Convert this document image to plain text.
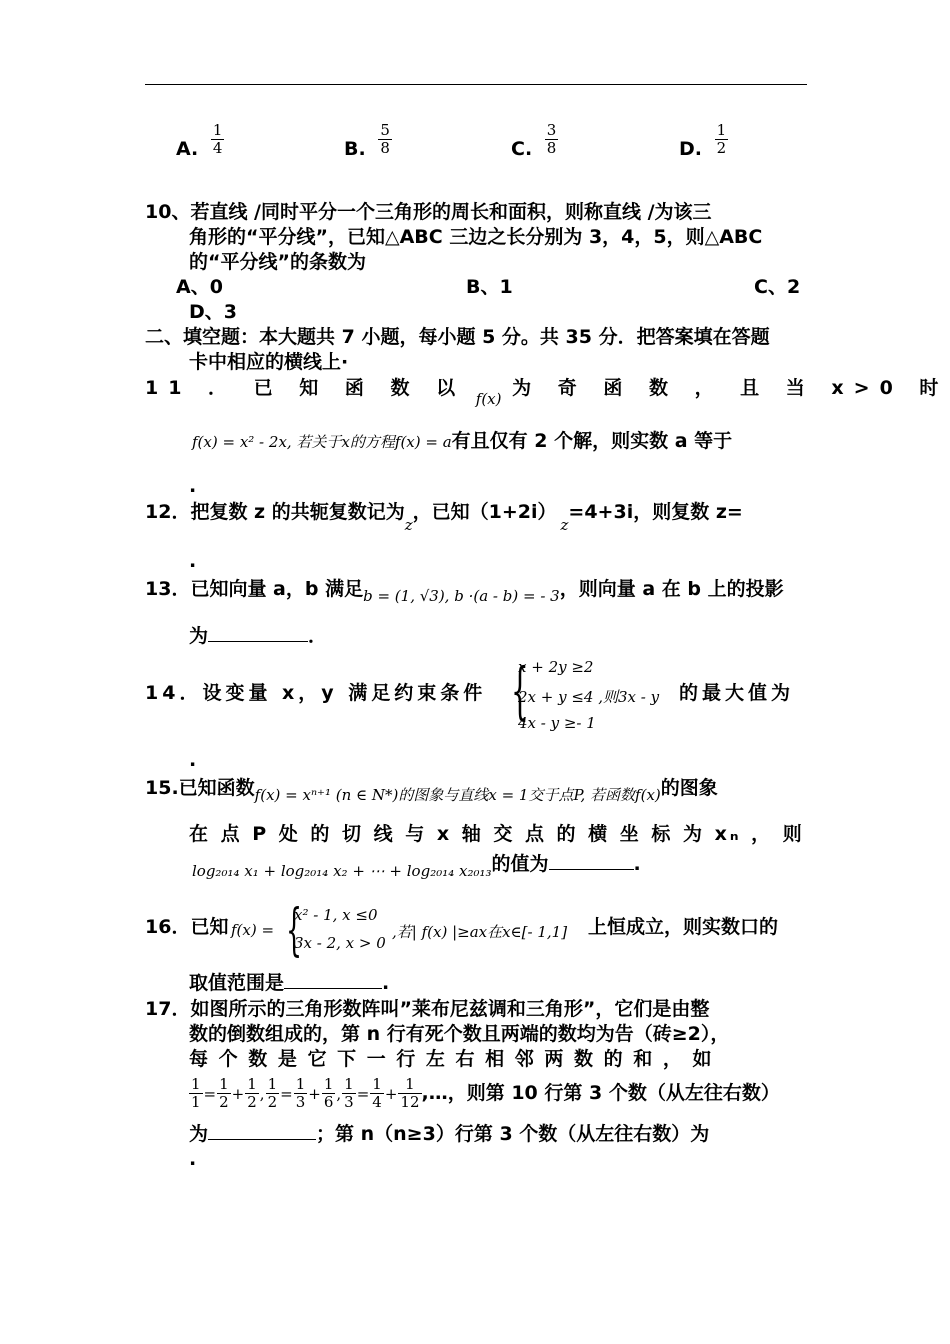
A. $\frac{1}{4}$	B. $\frac{5}{8}$	C. $\frac{3}{8}$	D. $\frac{1}{2}$
10、若直线 /同时平分一个三角形的周长和面积，则称直线 /为该三
角形的“平分线”，已知△ABC 三边之长分别为 3，4，5，则△ABC
的“平分线”的条数为
A、0	B、1	C、2
D、3
二、填空题：本大题共 7 小题，每小题 5 分。共 35 分．把答案填在答题
卡中相应的横线上·
11 ． 已 知 函 数 以 $_{f(x)}$ 为 奇 函 数 ， 且 当 x>0 时
f(x) = x² - 2x, 若关于x的方程f(x) = a有且仅有 2 个解，则实数 a 等于
.
12．把复数 z 的共轭复数记为$_z$，已知$(1+2i)_z=4+3i$，则复数 z=
.
13．已知向量 a，b 满足$_{b = (1, √3), b \cdot(a - b) = - 3}$，则向量 a 在 b 上的投影
为	．
14．设变量 x，y 满足约束条件 {
x + 2y ≥2
2x + y ≤4 ,则3x - y
4x - y ≥- 1
的最大值为
.
15.已知函数$_{f(x) = x^{n+1} (n \in N*)的图象与直线x = 1交于点P, 若函数f(x)}$的图象
在 点 P 处 的 切 线 与 x 轴 交 点 的 横 坐 标 为 xₙ ， 则
$_{log_{2014} x_1 + log_{2014} x_2 + \cdots + log_{2014} x_{2013}}$的值为	.
16．已知 f(x) = {
x² - 1, x ≤0
3x - 2, x > 0
,若| f(x) |≥ax在x∈[- 1,1] 上恒成立，则实数口的
取值范围是	.
17．如图所示的三角形数阵叫”莱布尼兹调和三角形”，它们是由整
数的倒数组成的，第 n 行有死个数且两端的数均为告（砖≥2），
每 个 数 是 它 下 一 行 左 右 相 邻 两 数 的 和 ， 如
$\frac{1}{1} = \frac{1}{2} + \frac{1}{2}$ , $\frac{1}{2} = \frac{1}{3} + \frac{1}{6}$ , $\frac{1}{3} = \frac{1}{4} + \frac{1}{12}$ ,…，则第 10 行第 3 个数（从左往右数）
为	；第 n（n≥3）行第 3 个数（从左往右数）为
.
